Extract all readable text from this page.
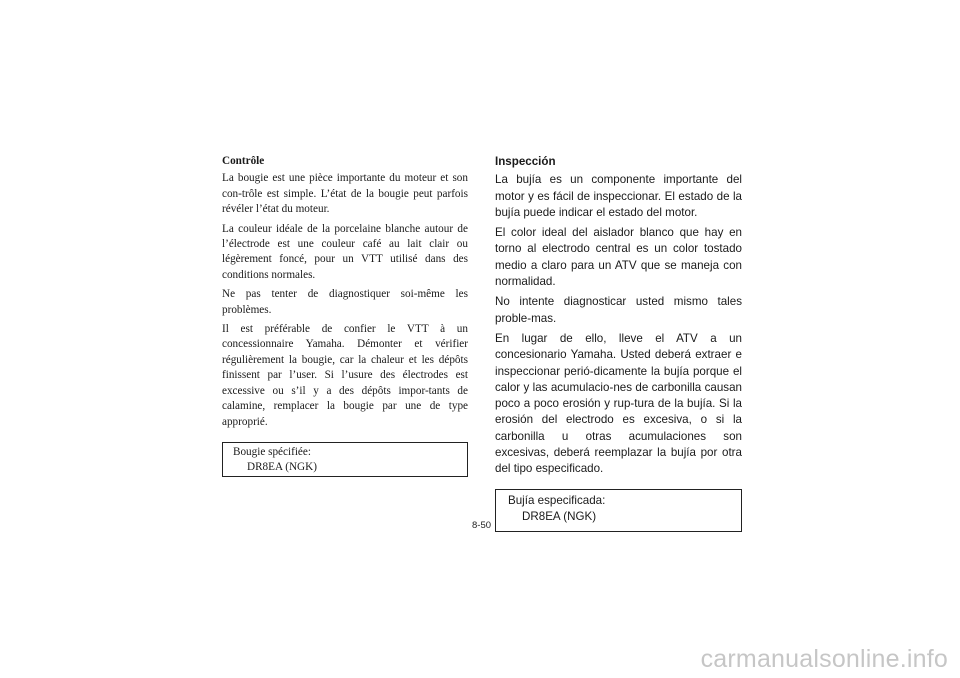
Contrôle

La bougie est une pièce importante du moteur et son con-trôle est simple. L’état de la bougie peut parfois révéler l’état du moteur.

La couleur idéale de la porcelaine blanche autour de l’électrode est une couleur café au lait clair ou légèrement foncé, pour un VTT utilisé dans des conditions normales.

Ne pas tenter de diagnostiquer soi-même les problèmes.

Il est préférable de confier le VTT à un concessionnaire Yamaha. Démonter et vérifier régulièrement la bougie, car la chaleur et les dépôts finissent par l’user. Si l’usure des électrodes est excessive ou s’il y a des dépôts impor-tants de calamine, remplacer la bougie par une de type approprié.

Bougie spécifiée:
DR8EA (NGK)
Inspección

La bujía es un componente importante del motor y es fácil de inspeccionar. El estado de la bujía puede indicar el estado del motor.

El color ideal del aislador blanco que hay en torno al electrodo central es un color tostado medio a claro para un ATV que se maneja con normalidad.

No intente diagnosticar usted mismo tales proble-mas.

En lugar de ello, lleve el ATV a un concesionario Yamaha. Usted deberá extraer e inspeccionar perió-dicamente la bujía porque el calor y las acumulacio-nes de carbonilla causan poco a poco erosión y rup-tura de la bujía. Si la erosión del electrodo es excesiva, o si la carbonilla u otras acumulaciones son excesivas, deberá reemplazar la bujía por otra del tipo especificado.

Bujía especificada:
DR8EA (NGK)
8-50
carmanualsonline.info
